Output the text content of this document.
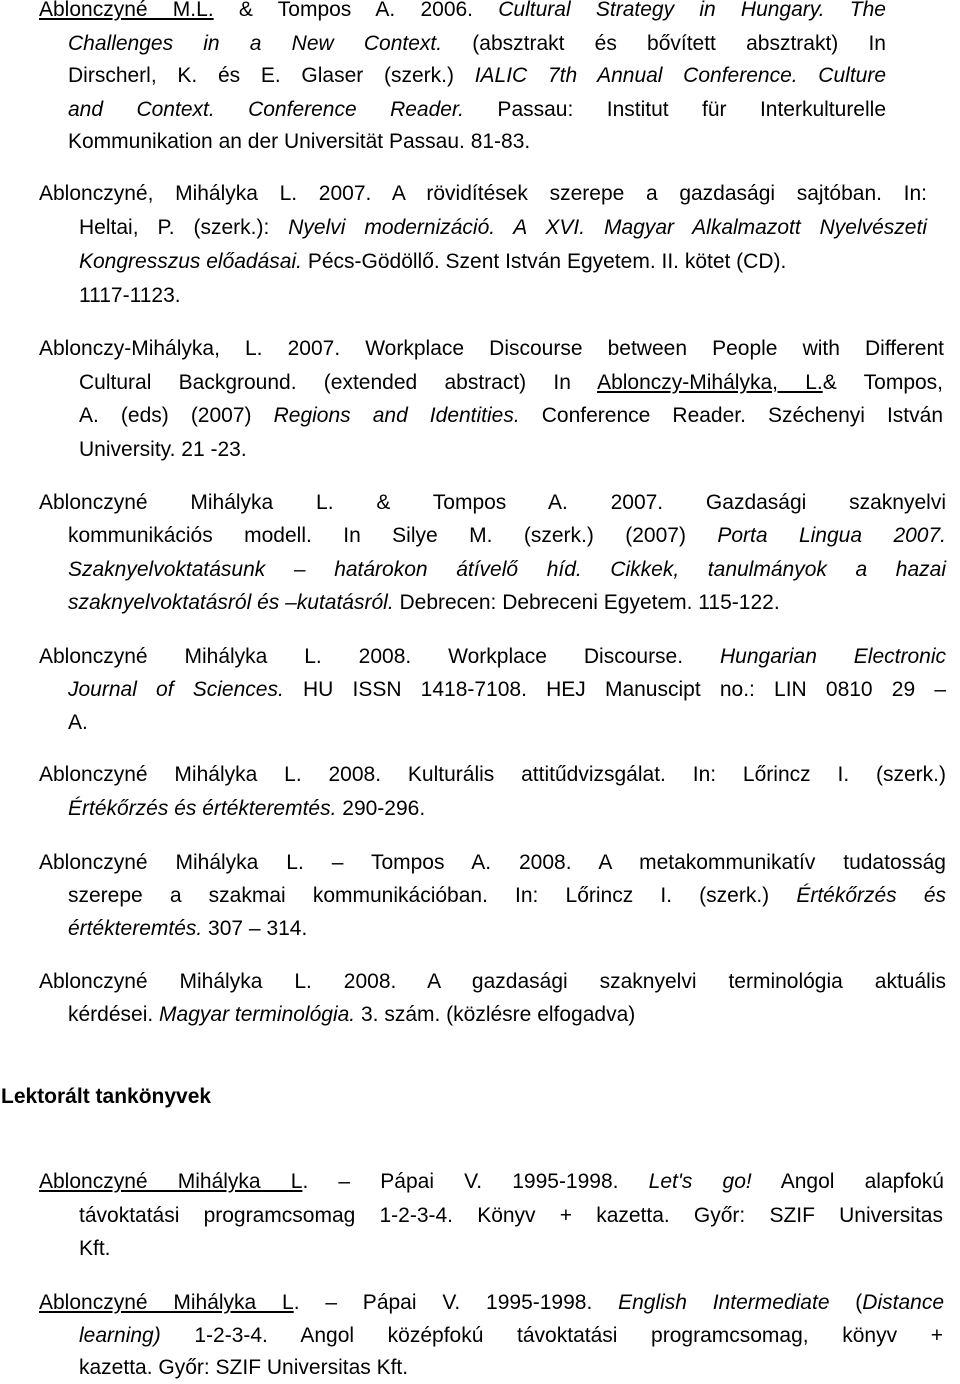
Ablonczyné M.L. & Tompos A. 2006. Cultural Strategy in Hungary. The
Challenges in a New Context. (absztrakt és bővített absztrakt) In
Dirscherl, K. és E. Glaser (szerk.) IALIC 7th Annual Conference. Culture
and Context. Conference Reader. Passau: Institut für Interkulturelle
Kommunikation an der Universität Passau. 81-83.
Ablonczyné, Mihályka L. 2007. A rövidítések szerepe a gazdasági sajtóban. In:
Heltai, P. (szerk.): Nyelvi modernizáció. A XVI. Magyar Alkalmazott Nyelvészeti
Kongresszus előadásai. Pécs-Gödöllő. Szent István Egyetem. II. kötet (CD).
1117-1123.
Ablonczy-Mihályka, L. 2007. Workplace Discourse between People with Different
Cultural Background. (extended abstract) In Ablonczy-Mihályka, L.& Tompos,
A. (eds) (2007) Regions and Identities. Conference Reader. Széchenyi István
University. 21 -23.
Ablonczyné Mihályka L. & Tompos A. 2007. Gazdasági szaknyelvi
kommunikációs modell. In Silye M. (szerk.) (2007) Porta Lingua 2007.
Szaknyelvoktatásunk – határokon átívelő híd. Cikkek, tanulmányok a hazai
szaknyelvoktatásról és –kutatásról. Debrecen: Debreceni Egyetem. 115-122.
Ablonczyné Mihályka L. 2008. Workplace Discourse. Hungarian Electronic
Journal of Sciences. HU ISSN 1418-7108. HEJ Manuscipt no.: LIN 0810 29 –
A.
Ablonczyné Mihályka L. 2008. Kulturális attitűdvizsgálat. In: Lőrincz I. (szerk.)
Értékőrzés és értékteremtés. 290-296.
Ablonczyné Mihályka L. – Tompos A. 2008. A metakommunikatív tudatosság
szerepe a szakmai kommunikációban. In: Lőrincz I. (szerk.) Értékőrzés és
értékteremtés. 307 – 314.
Ablonczyné Mihályka L. 2008. A gazdasági szaknyelvi terminológia aktuális
kérdései. Magyar terminológia. 3. szám. (közlésre elfogadva)
Lektorált tankönyvek
Ablonczyné Mihályka L. – Pápai V. 1995-1998. Let's go! Angol alapfokú
távoktatási programcsomag 1-2-3-4. Könyv + kazetta. Győr: SZIF Universitas
Kft.
Ablonczyné Mihályka L. – Pápai V. 1995-1998. English Intermediate (Distance
learning) 1-2-3-4. Angol középfokú távoktatási programcsomag, könyv +
kazetta. Győr: SZIF Universitas Kft.
